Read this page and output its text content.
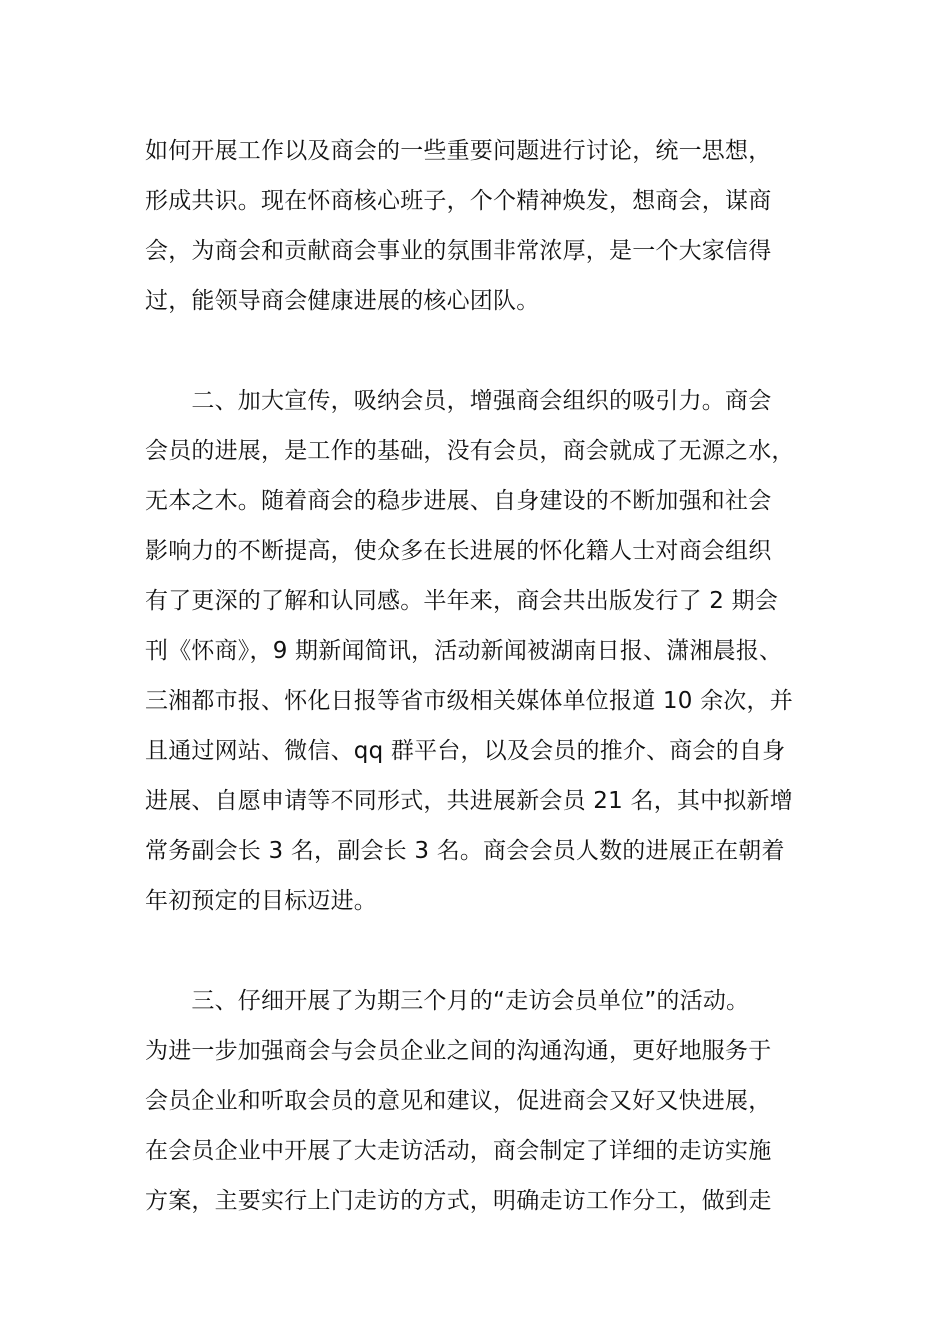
如何开展工作以及商会的一些重要问题进行讨论，统一思想，
形成共识。现在怀商核心班子，个个精神焕发，想商会，谋商
会，为商会和贡献商会事业的氛围非常浓厚，是一个大家信得
过，能领导商会健康进展的核心团队。
　　二、加大宣传，吸纳会员，增强商会组织的吸引力。商会
会员的进展，是工作的基础，没有会员，商会就成了无源之水，
无本之木。随着商会的稳步进展、自身建设的不断加强和社会
影响力的不断提高，使众多在长进展的怀化籍人士对商会组织
有了更深的了解和认同感。半年来，商会共出版发行了 2 期会
刊《怀商》，9 期新闻简讯，活动新闻被湖南日报、潇湘晨报、
三湘都市报、怀化日报等省市级相关媒体单位报道 10 余次，并
且通过网站、微信、qq 群平台，以及会员的推介、商会的自身
进展、自愿申请等不同形式，共进展新会员 21 名，其中拟新增
常务副会长 3 名，副会长 3 名。商会会员人数的进展正在朝着
年初预定的目标迈进。
　　三、仔细开展了为期三个月的“走访会员单位”的活动。
为进一步加强商会与会员企业之间的沟通沟通，更好地服务于
会员企业和听取会员的意见和建议，促进商会又好又快进展，
在会员企业中开展了大走访活动，商会制定了详细的走访实施
方案，主要实行上门走访的方式，明确走访工作分工，做到走
